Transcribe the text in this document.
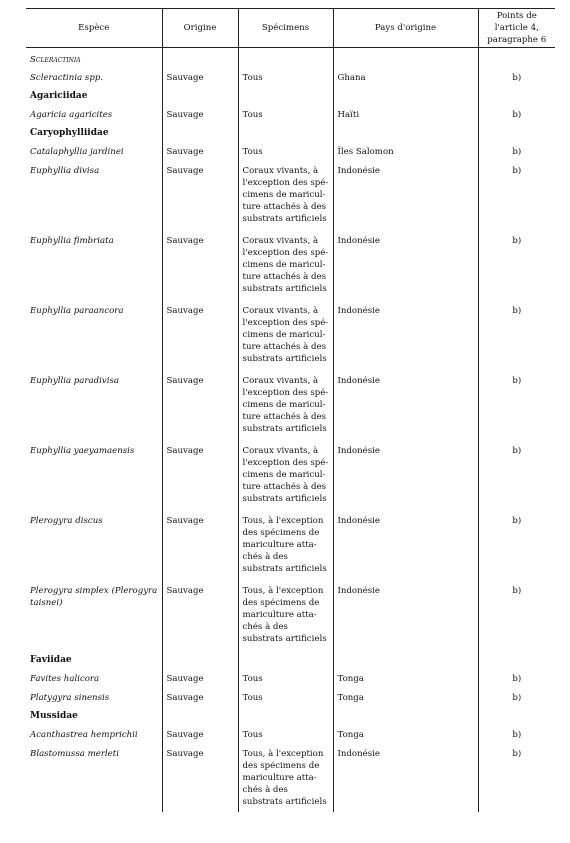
Espèce	Origine	Spécimens	Pays d'origine	Points de l'article 4, paragraphe 6
Scleractinia				
Scleractinia spp.	Sauvage	Tous	Ghana	b)
Agariciidae				
Agaricia agaricites	Sauvage	Tous	Haïti	b)
Caryophylliidae				
Catalaphyllia jardinei	Sauvage	Tous	Îles Salomon	b)
Euphyllia divisa	Sauvage	Coraux vivants, à l'exception des spé- cimens de maricul- ture attachés à des substrats artificiels	Indonésie	b)
Euphyllia fimbriata	Sauvage	Coraux vivants, à l'exception des spé- cimens de maricul- ture attachés à des substrats artificiels	Indonésie	b)
Euphyllia paraancora	Sauvage	Coraux vivants, à l'exception des spé- cimens de maricul- ture attachés à des substrats artificiels	Indonésie	b)
Euphyllia paradivisa	Sauvage	Coraux vivants, à l'exception des spé- cimens de maricul- ture attachés à des substrats artificiels	Indonésie	b)
Euphyllia yaeyamaensis	Sauvage	Coraux vivants, à l'exception des spé- cimens de maricul- ture attachés à des substrats artificiels	Indonésie	b)
Plerogyra discus	Sauvage	Tous, à l'exception des spécimens de mariculture atta- chés à des substrats artificiels	Indonésie	b)
Plerogyra simplex (Plerogyra taisnei)	Sauvage	Tous, à l'exception des spécimens de mariculture atta- chés à des substrats artificiels	Indonésie	b)
Faviidae				
Favites halicora	Sauvage	Tous	Tonga	b)
Platygyra sinensis	Sauvage	Tous	Tonga	b)
Mussidae				
Acanthastrea hemprichii	Sauvage	Tous	Tonga	b)
Blastomussa merleti	Sauvage	Tous, à l'exception des spécimens de mariculture atta- chés à des substrats artificiels	Indonésie	b)
